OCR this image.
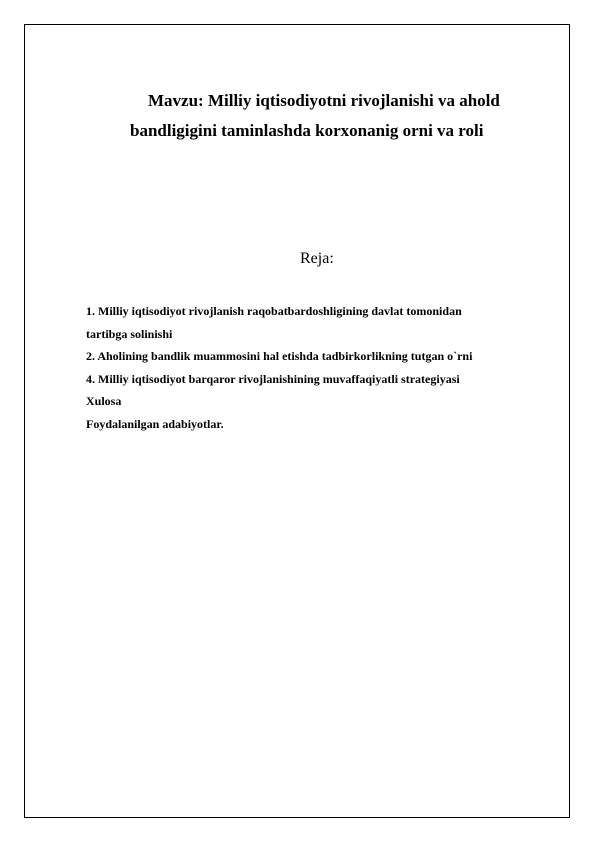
Mavzu: Milliy iqtisodiyotni rivojlanishi va ahold
bandligigini taminlashda korxonanig orni va roli
Reja:
1. Milliy iqtisodiyot rivojlanish raqobatbardoshligining davlat tomonidan
tartibga solinishi
2. Aholining bandlik muammosini hal etishda tadbirkorlikning tutgan o`rni
4. Milliy iqtisodiyot barqaror rivojlanishining muvaffaqiyatli strategiyasi
Xulosa
Foydalanilgan adabiyotlar.
